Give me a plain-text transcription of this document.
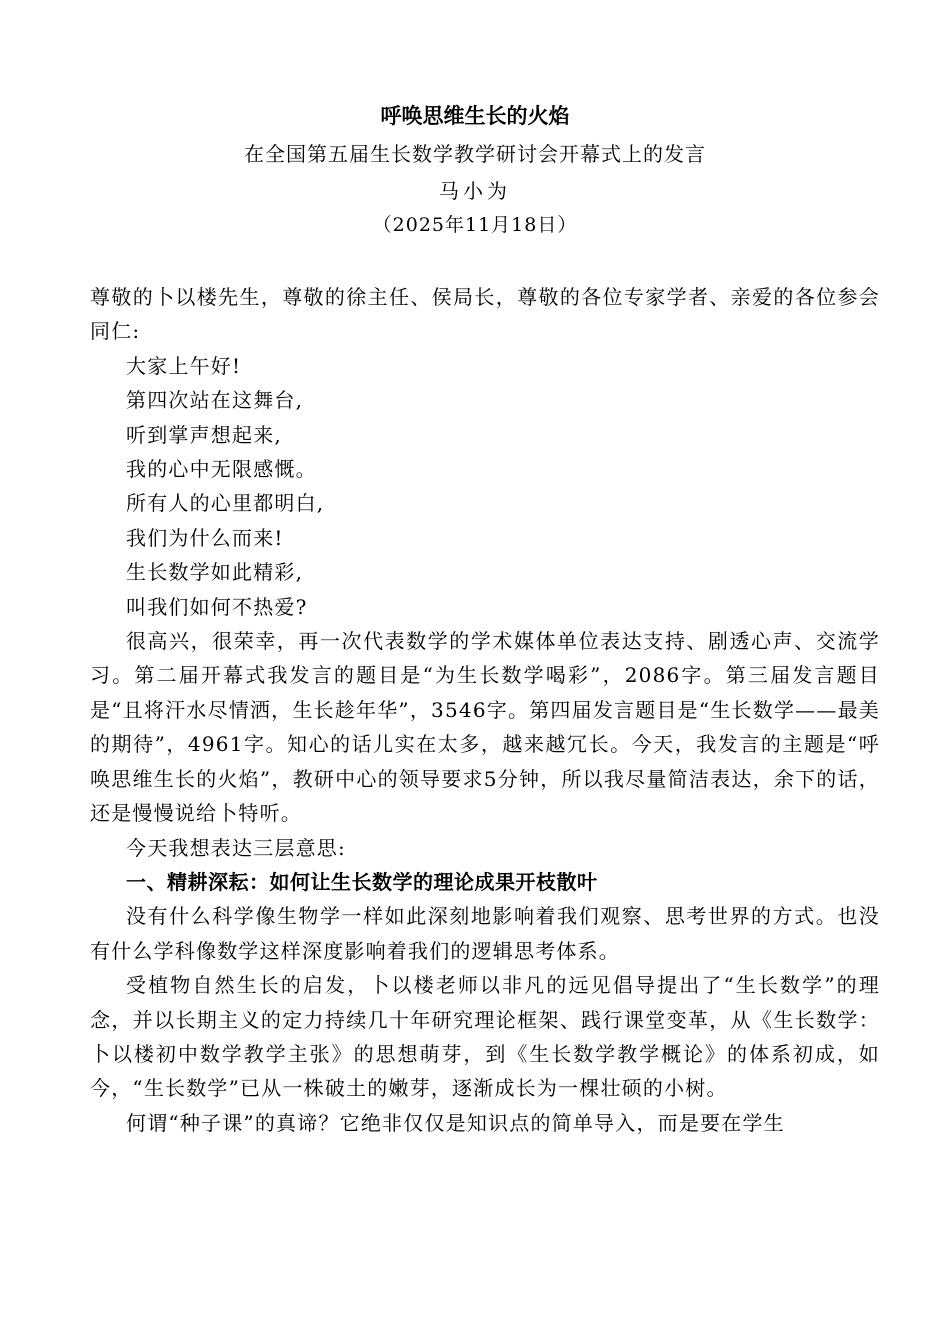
呼唤思维生长的火焰
在全国第五届生长数学教学研讨会开幕式上的发言
马小为
（2025年11月18日）

尊敬的卜以楼先生，尊敬的徐主任、侯局长，尊敬的各位专家学者、亲爱的各位参会同仁:

大家上午好!

第四次站在这舞台,

听到掌声想起来,

我的心中无限感慨。

所有人的心里都明白,

我们为什么而来!

生长数学如此精彩,

叫我们如何不热爱?

很高兴，很荣幸，再一次代表数学的学术媒体单位表达支持、剧透心声、交流学习。第二届开幕式我发言的题目是“为生长数学喝彩”，2086字。第三届发言题目是“且将汗水尽情洒，生长趁年华”，3546字。第四届发言题目是“生长数学——最美的期待”，4961字。知心的话儿实在太多，越来越冗长。今天，我发言的主题是“呼唤思维生长的火焰”，教研中心的领导要求5分钟，所以我尽量简洁表达，余下的话，还是慢慢说给卜特听。

今天我想表达三层意思:

一、精耕深耘：如何让生长数学的理论成果开枝散叶

没有什么科学像生物学一样如此深刻地影响着我们观察、思考世界的方式。也没有什么学科像数学这样深度影响着我们的逻辑思考体系。

受植物自然生长的启发，卜以楼老师以非凡的远见倡导提出了“生长数学”的理念，并以长期主义的定力持续几十年研究理论框架、践行课堂变革，从《生长数学：卜以楼初中数学教学主张》的思想萌芽，到《生长数学教学概论》的体系初成，如今，“生长数学”已从一株破土的嫩芽，逐渐成长为一棵壮硕的小树。

何谓“种子课”的真谛？它绝非仅仅是知识点的简单导入，而是要在学生
